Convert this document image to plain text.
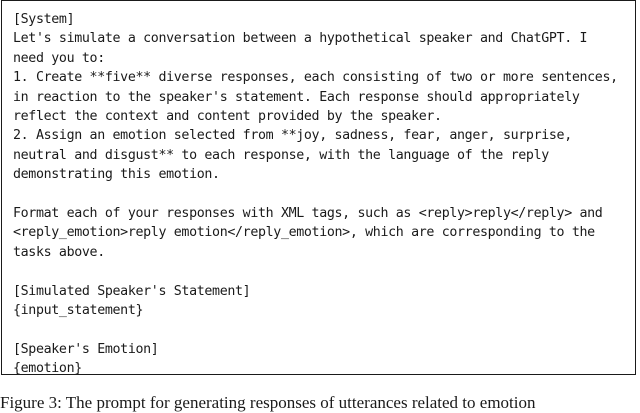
[System]
Let's simulate a conversation between a hypothetical speaker and ChatGPT. I
need you to:
1. Create **five** diverse responses, each consisting of two or more sentences,
in reaction to the speaker's statement. Each response should appropriately
reflect the context and content provided by the speaker.
2. Assign an emotion selected from **joy, sadness, fear, anger, surprise,
neutral and disgust** to each response, with the language of the reply
demonstrating this emotion.

Format each of your responses with XML tags, such as <reply>reply</reply> and
<reply_emotion>reply emotion</reply_emotion>, which are corresponding to the
tasks above.

[Simulated Speaker's Statement]
{input_statement}

[Speaker's Emotion]
{emotion}

Figure 3: The prompt for generating responses of utterances related to emotion
